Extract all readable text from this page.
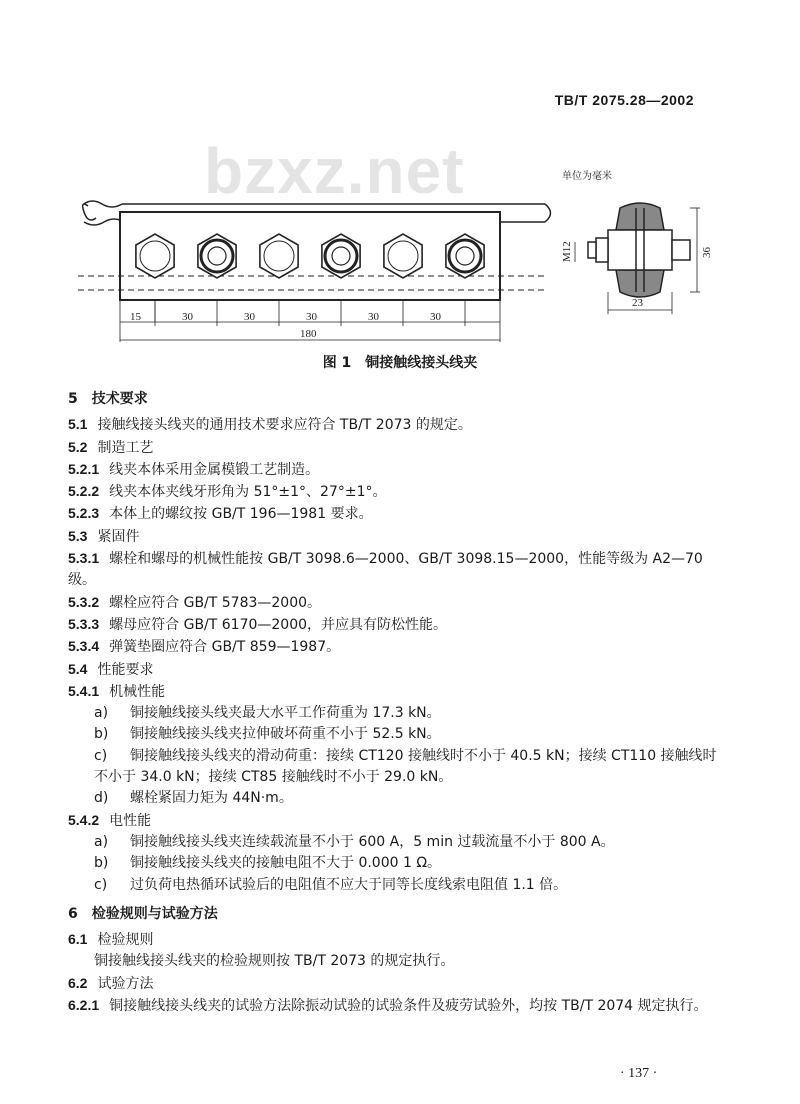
TB/T 2075.28—2002
bzxz.net	单位为毫米
15	30	30	30	30	30
180
M12	36
23
图 1　铜接触线接头线夹
5　技术要求
5.1 接触线接头线夹的通用技术要求应符合 TB/T 2073 的规定。
5.2 制造工艺
5.2.1 线夹本体采用金属模锻工艺制造。
5.2.2 线夹本体夹线牙形角为 51°±1°、27°±1°。
5.2.3 本体上的螺纹按 GB/T 196—1981 要求。
5.3 紧固件
5.3.1 螺栓和螺母的机械性能按 GB/T 3098.6—2000、GB/T 3098.15—2000，性能等级为 A2—70 级。
5.3.2 螺栓应符合 GB/T 5783—2000。
5.3.3 螺母应符合 GB/T 6170—2000，并应具有防松性能。
5.3.4 弹簧垫圈应符合 GB/T 859—1987。
5.4 性能要求
5.4.1 机械性能
a) 铜接触线接头线夹最大水平工作荷重为 17.3 kN。
b) 铜接触线接头线夹拉伸破坏荷重不小于 52.5 kN。
c) 铜接触线接头线夹的滑动荷重：接续 CT120 接触线时不小于 40.5 kN；接续 CT110 接触线时不小于 34.0 kN；接续 CT85 接触线时不小于 29.0 kN。
d) 螺栓紧固力矩为 44N·m。
5.4.2 电性能
a) 铜接触线接头线夹连续载流量不小于 600 A，5 min 过载流量不小于 800 A。
b) 铜接触线接头线夹的接触电阻不大于 0.000 1 Ω。
c) 过负荷电热循环试验后的电阻值不应大于同等长度线索电阻值 1.1 倍。
6　检验规则与试验方法
6.1 检验规则
铜接触线接头线夹的检验规则按 TB/T 2073 的规定执行。
6.2 试验方法
6.2.1 铜接触线接头线夹的试验方法除振动试验的试验条件及疲劳试验外，均按 TB/T 2074 规定执行。
· 137 ·
